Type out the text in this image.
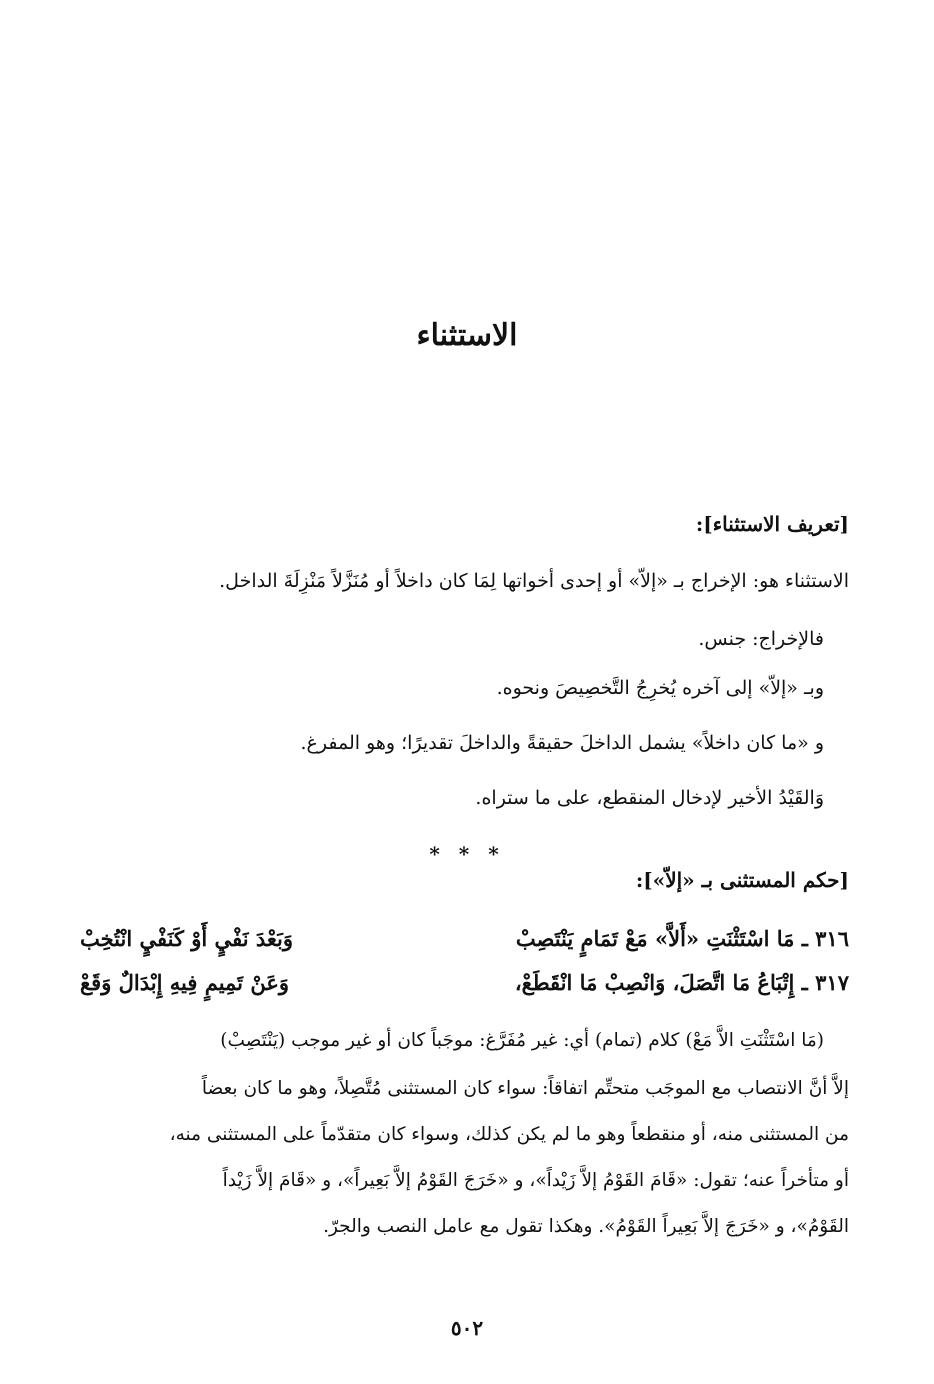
الاستثناء
[تعريف الاستثناء]:
الاستثناء هو: الإخراج بـ «إلاّ» أو إحدى أخواتها لِمَا كان داخلاً أو مُنَزَّلاً مَنْزِلَةَ الداخل.
فالإخراج: جنس.
وبـ «إلاّ» إلى آخره يُخرِجُ التَّخصِيصَ ونحوه.
و «ما كان داخلاً» يشمل الداخلَ حقيقةً والداخلَ تقديرًا؛ وهو المفرغ.
وَالقَيْدُ الأخير لإدخال المنقطع، على ما ستراه.
* * *
[حكم المستثنى بـ «إلاّ»]:
٣١٦ ـ مَا اسْتَثْنَتِ «أَلاَّ» مَعْ تَمَامٍ يَنْتَصِبْ
وَبَعْدَ نَفْيٍ أَوْ كَنَفْيٍ انْتُخِبْ
٣١٧ ـ إِتْبَاعُ مَا اتَّصَلَ، وَانْصِبْ مَا انْقَطَعْ،
وَعَنْ تَمِيمٍ فِيهِ إِبْدَالٌ وَقَعْ
(مَا اسْتَثْنَتِ الاَّ مَعْ) كلام (تمام) أي: غير مُفَرَّغ: موجَباً كان أو غير موجب (يَنْتَصِبْ)
إلاَّ أنَّ الانتصاب مع الموجَب متحتِّم اتفاقاً: سواء كان المستثنى مُتَّصِلاً، وهو ما كان بعضاً
من المستثنى منه، أو منقطعاً وهو ما لم يكن كذلك، وسواء كان متقدّماً على المستثنى منه،
أو متأخراً عنه؛ تقول: «قَامَ القَوْمُ إلاَّ زَيْداً»، و «خَرَجَ القَوْمُ إلاَّ بَعِيراً»، و «قَامَ إلاَّ زَيْداً
القَوْمُ»، و «خَرَجَ إلاَّ بَعِيراً القَوْمُ». وهكذا تقول مع عامل النصب والجرّ.
٥٠٢
